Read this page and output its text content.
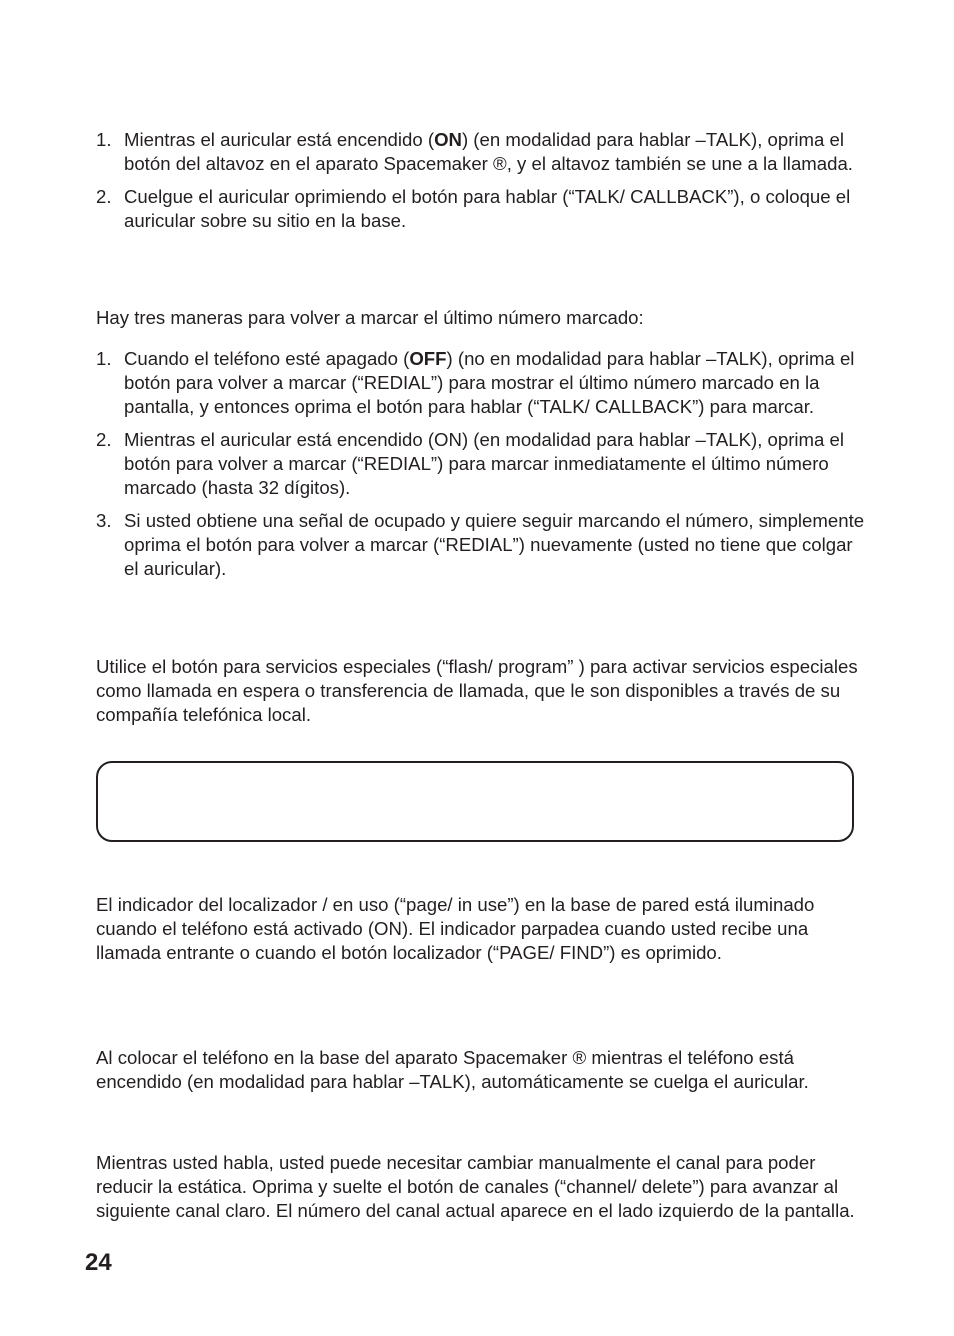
1. Mientras el auricular está encendido (ON) (en modalidad para hablar –TALK), oprima el botón del altavoz en el aparato Spacemaker ®, y el altavoz también se une a la llamada.
2. Cuelgue el auricular oprimiendo el botón para hablar (“TALK/ CALLBACK”), o coloque el auricular sobre su sitio en la base.

Hay tres maneras para volver a marcar el último número marcado:

1. Cuando el teléfono esté apagado (OFF) (no en modalidad para hablar –TALK), oprima el botón para volver a marcar (“REDIAL”) para mostrar el último número marcado en la pantalla, y entonces oprima el botón para hablar (“TALK/ CALLBACK”) para marcar.
2. Mientras el auricular está encendido (ON) (en modalidad para hablar –TALK), oprima el botón para volver a marcar (“REDIAL”) para marcar inmediatamente el último número marcado (hasta 32 dígitos).
3. Si usted obtiene una señal de ocupado y quiere seguir marcando el número, simplemente oprima el botón para volver a marcar (“REDIAL”) nuevamente (usted no tiene que colgar el auricular).

Utilice el botón para servicios especiales (“flash/ program” ) para activar servicios especiales como llamada en espera o transferencia de llamada, que le son disponibles a través de su compañía telefónica local.

El indicador del localizador / en uso (“page/ in use”) en la base de pared está iluminado cuando el teléfono está activado (ON). El indicador parpadea cuando usted recibe una llamada entrante o cuando el botón localizador (“PAGE/ FIND”) es oprimido.

Al colocar el teléfono en la base del aparato Spacemaker ® mientras el teléfono está encendido (en modalidad para hablar –TALK), automáticamente se cuelga el auricular.

Mientras usted habla, usted puede necesitar cambiar manualmente el canal para poder reducir la estática. Oprima y suelte el botón de canales (“channel/ delete”) para avanzar al siguiente canal claro. El número del canal actual aparece en el lado izquierdo de la pantalla.

24
